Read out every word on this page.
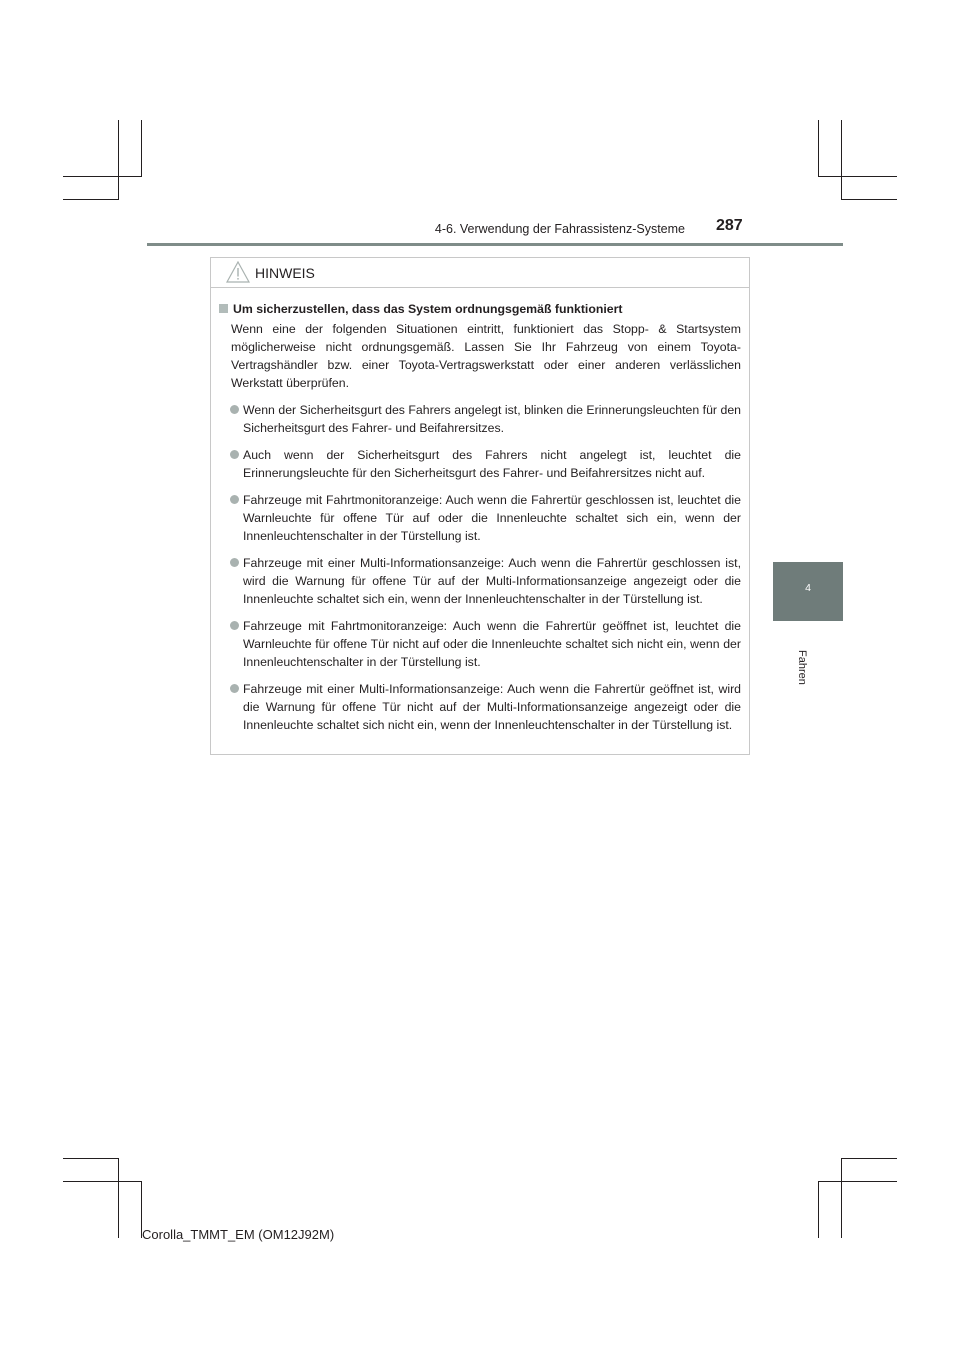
4-6. Verwendung der Fahrassistenz-Systeme 287
4
Fahren
HINWEIS
Um sicherzustellen, dass das System ordnungsgemäß funktioniert
Wenn eine der folgenden Situationen eintritt, funktioniert das Stopp- & Startsystem möglicherweise nicht ordnungsgemäß. Lassen Sie Ihr Fahrzeug von einem Toyota-Vertragshändler bzw. einer Toyota-Vertragswerkstatt oder einer anderen verlässlichen Werkstatt überprüfen.
Wenn der Sicherheitsgurt des Fahrers angelegt ist, blinken die Erinnerungsleuchten für den Sicherheitsgurt des Fahrer- und Beifahrersitzes.
Auch wenn der Sicherheitsgurt des Fahrers nicht angelegt ist, leuchtet die Erinnerungsleuchte für den Sicherheitsgurt des Fahrer- und Beifahrersitzes nicht auf.
Fahrzeuge mit Fahrtmonitoranzeige: Auch wenn die Fahrertür geschlossen ist, leuchtet die Warnleuchte für offene Tür auf oder die Innenleuchte schaltet sich ein, wenn der Innenleuchtenschalter in der Türstellung ist.
Fahrzeuge mit einer Multi-Informationsanzeige: Auch wenn die Fahrertür geschlossen ist, wird die Warnung für offene Tür auf der Multi-Informationsanzeige angezeigt oder die Innenleuchte schaltet sich ein, wenn der Innenleuchtenschalter in der Türstellung ist.
Fahrzeuge mit Fahrtmonitoranzeige: Auch wenn die Fahrertür geöffnet ist, leuchtet die Warnleuchte für offene Tür nicht auf oder die Innenleuchte schaltet sich nicht ein, wenn der Innenleuchtenschalter in der Türstellung ist.
Fahrzeuge mit einer Multi-Informationsanzeige: Auch wenn die Fahrertür geöffnet ist, wird die Warnung für offene Tür nicht auf der Multi-Informationsanzeige angezeigt oder die Innenleuchte schaltet sich nicht ein, wenn der Innenleuchtenschalter in der Türstellung ist.
Corolla_TMMT_EM (OM12J92M)
